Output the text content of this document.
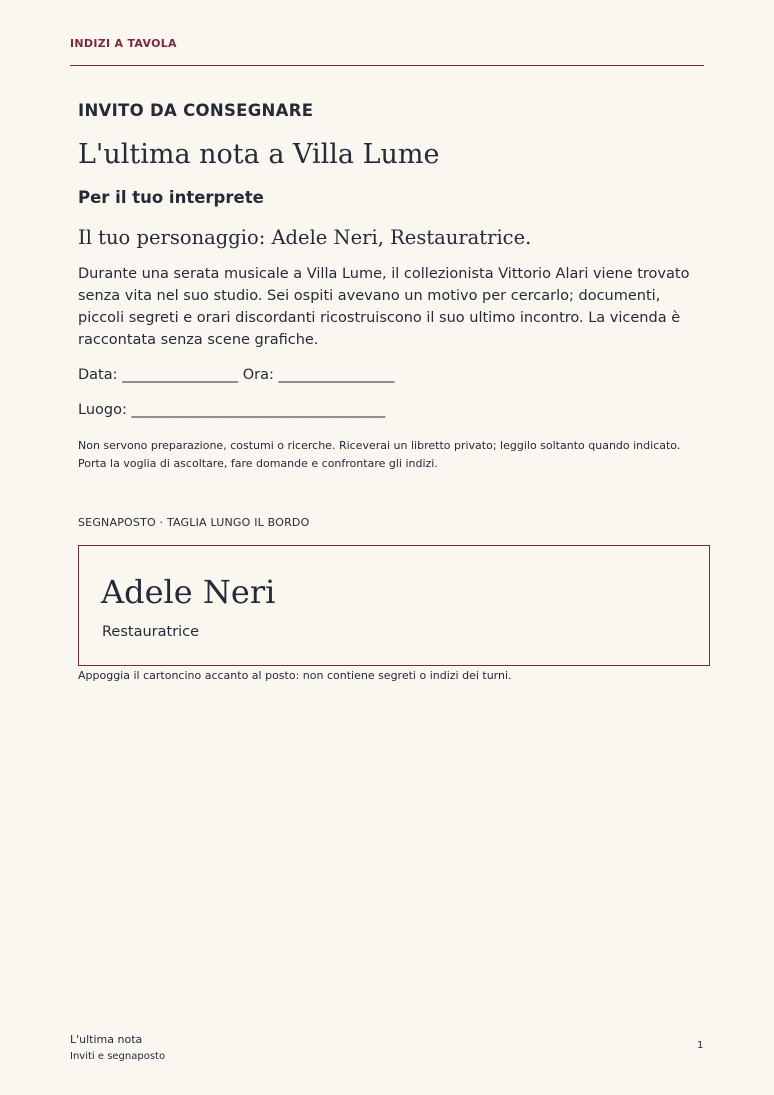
INDIZI A TAVOLA

INVITO DA CONSEGNARE

L'ultima nota a Villa Lume

Per il tuo interprete

Il tuo personaggio: Adele Neri, Restauratrice.

Durante una serata musicale a Villa Lume, il collezionista Vittorio Alari viene trovato senza vita nel suo studio. Sei ospiti avevano un motivo per cercarlo; documenti, piccoli segreti e orari discordanti ricostruiscono il suo ultimo incontro. La vicenda è raccontata senza scene grafiche.

Data: ________________ Ora: ________________

Luogo: ___________________________________

Non servono preparazione, costumi o ricerche. Riceverai un libretto privato; leggilo soltanto quando indicato. Porta la voglia di ascoltare, fare domande e confrontare gli indizi.

SEGNAPOSTO · TAGLIA LUNGO IL BORDO
Adele Neri
Restauratrice
Appoggia il cartoncino accanto al posto: non contiene segreti o indizi dei turni.
L'ultima nota
Inviti e segnaposto
1
